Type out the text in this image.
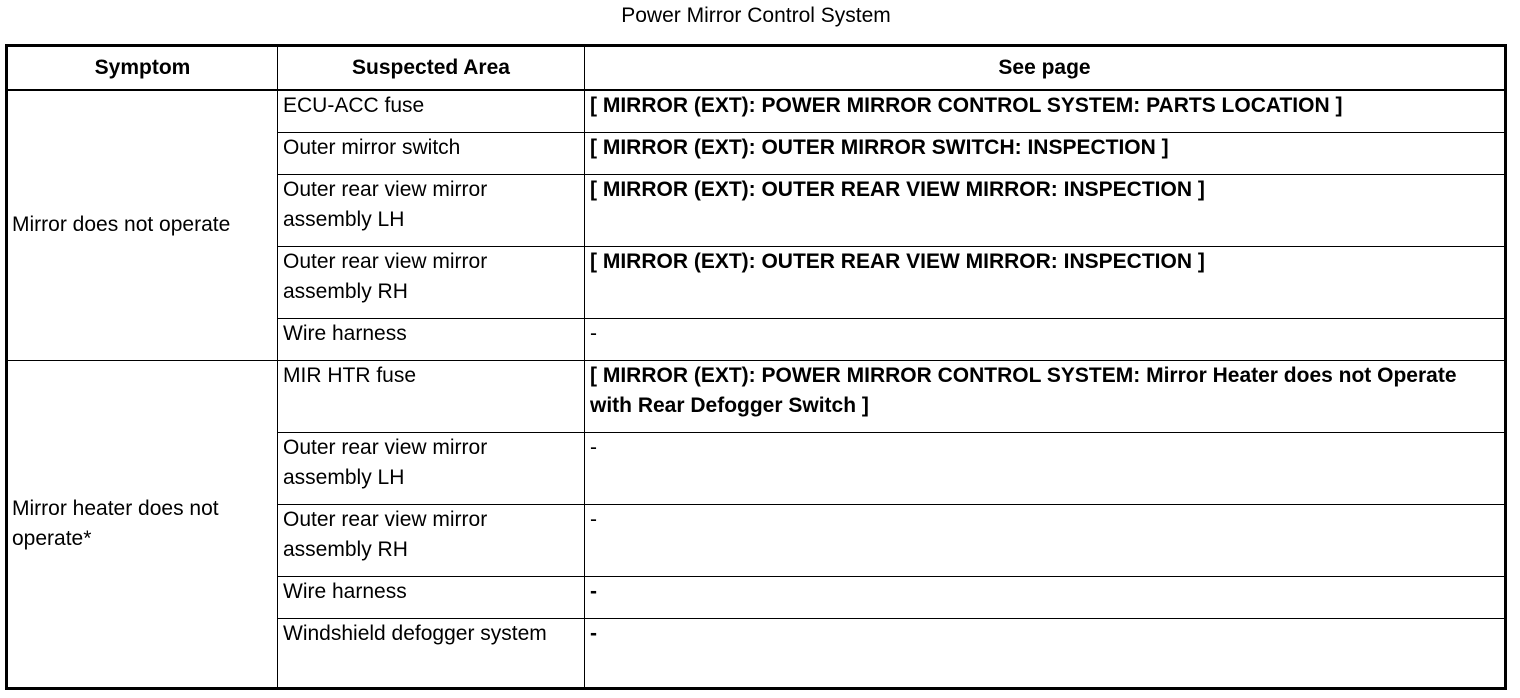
Power Mirror Control System
Symptom	Suspected Area	See page
Mirror does not operate	ECU-ACC fuse	[ MIRROR (EXT): POWER MIRROR CONTROL SYSTEM: PARTS LOCATION ]
	Outer mirror switch	[ MIRROR (EXT): OUTER MIRROR SWITCH: INSPECTION ]
	Outer rear view mirror assembly LH	[ MIRROR (EXT): OUTER REAR VIEW MIRROR: INSPECTION ]
	Outer rear view mirror assembly RH	[ MIRROR (EXT): OUTER REAR VIEW MIRROR: INSPECTION ]
	Wire harness	-
Mirror heater does not operate*	MIR HTR fuse	[ MIRROR (EXT): POWER MIRROR CONTROL SYSTEM: Mirror Heater does not Operate with Rear Defogger Switch ]
	Outer rear view mirror assembly LH	-
	Outer rear view mirror assembly RH	-
	Wire harness	-
	Windshield defogger system	-
